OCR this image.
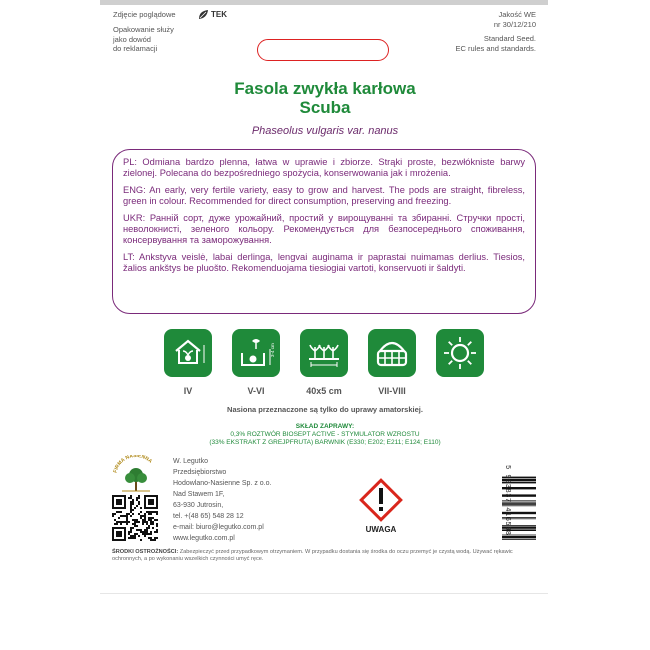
Zdjęcie poglądowe	TEK
Opakowanie służy
jako dowód
do reklamacji
Jakość WE
nr 30/12/210
Standard Seed.
EC rules and standards.
Fasola zwykła karłowa
Scuba
Phaseolus vulgaris var. nanus

PL: Odmiana bardzo plenna, łatwa w uprawie i zbiorze. Strąki proste, bezwłókniste barwy zielonej. Polecana do bezpośredniego spożycia, konserwowania jak i mrożenia.

ENG: An early, very fertile variety, easy to grow and harvest. The pods are straight, fibreless, green in colour. Recommended for direct consumption, preserving and freezing.

UKR: Ранній сорт, дуже урожайний, простий у вирощуванні та збиранні. Стручки прості, неволокнисті, зеленого кольору. Рекомендується для безпосереднього споживання, консервування та заморожування.

LT: Ankstyva veislė, labai derlinga, lengvai auginama ir paprastai nuimamas derlius. Tiesios, žalios ankštys be pluošto. Rekomenduojama tiesiogiai vartoti, konservuoti ir šaldyti.

3-4 cm
IV	V-VI	40x5 cm	VII-VIII
Nasiona przeznaczone są tylko do uprawy amatorskiej.
SKŁAD ZAPRAWY:
0,3% ROZTWÓR BIOSEPT ACTIVE - STYMULATOR WZROSTU
(33% EKSTRAKT Z GREJPFRUTA) BARWNIK (E330; E202; E211; E124; E110)
FIRMA NASIENNA	W. Legutko
Przedsiębiorstwo
Hodowlano-Nasienne Sp. z o.o.
Nad Stawem 1F,
63-930 Jutrosin,
tel. +(48 65) 548 28 12
e-mail: biuro@legutko.com.pl
www.legutko.com.pl
UWAGA	5 903837 416598
ŚRODKI OSTROŻNOŚCI: Zabezpieczyć przed przypadkowym otrzymaniem. W przypadku dostania się środka do oczu przemyć je czystą wodą. Używać rękawic ochronnych, a po wykonaniu wszelkich czynności umyć ręce.
